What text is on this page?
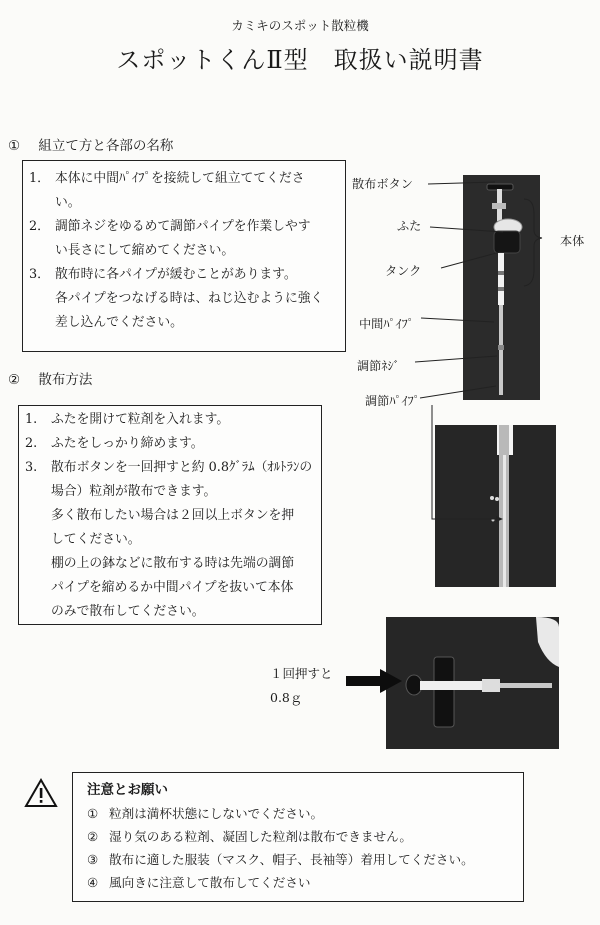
カミキのスポット散粒機
スポットくんⅡ型　取扱い説明書
① 組立て方と各部の名称
1． 本体に中間ﾊﾟｲﾌﾟを接続して組立ててくださ
い。
2． 調節ネジをゆるめて調節パイプを作業しやす
い長さにして縮めてください。
3． 散布時に各パイプが緩むことがあります。
各パイプをつなげる時は、ねじ込むように強く
差し込んでください。
② 散布方法
1.	ふたを開けて粒剤を入れます。
2.	ふたをしっかり締めます。
3.	散布ボタンを一回押すと約 0.8ｸﾞﾗﾑ（ｵﾙﾄﾗﾝの
場合）粒剤が散布できます。
多く散布したい場合は２回以上ボタンを押
してください。
棚の上の鉢などに散布する時は先端の調節
パイプを縮めるか中間パイプを抜いて本体
のみで散布してください。
散布ボタン
ふた
タンク
中間ﾊﾟｲﾌﾟ
調節ﾈｼﾞ
調節ﾊﾟｲﾌﾟ
本体
１回押すと
0.8ｇ
注意とお願い
① 粒剤は満杯状態にしないでください。
② 湿り気のある粒剤、凝固した粒剤は散布できません。
③ 散布に適した服装（マスク、帽子、長袖等）着用してください。
④ 風向きに注意して散布してください
